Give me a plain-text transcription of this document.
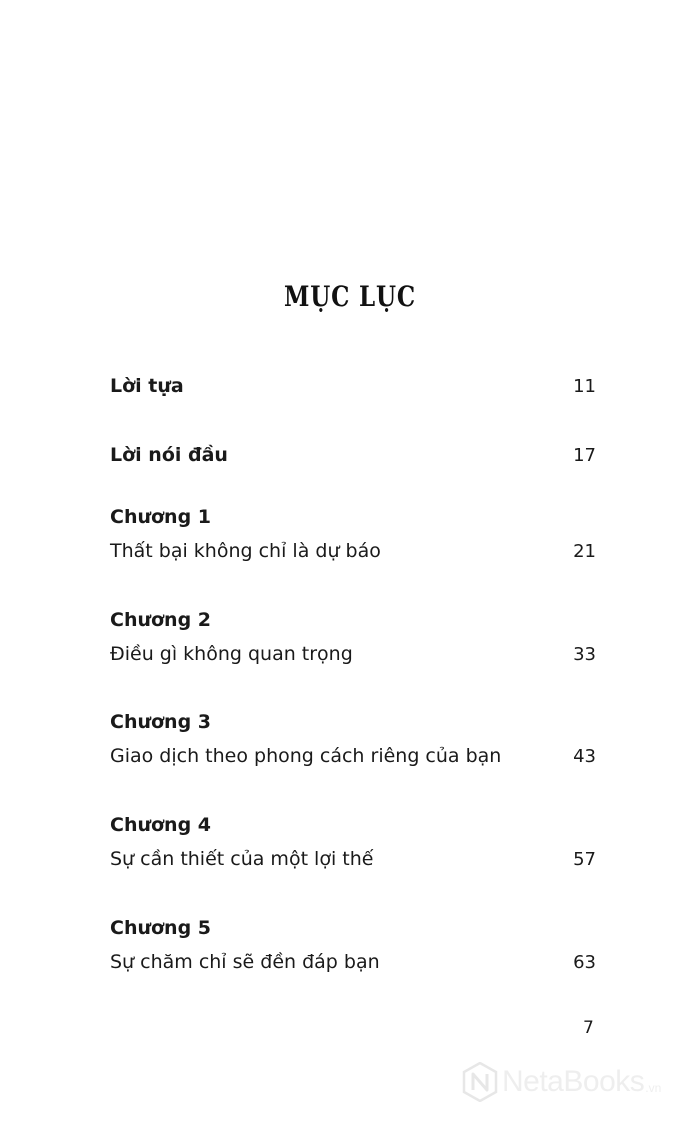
MỤC LỤC
Lời tựa	11
Lời nói đầu	17
Chương 1
Thất bại không chỉ là dự báo	21
Chương 2
Điều gì không quan trọng	33
Chương 3
Giao dịch theo phong cách riêng của bạn	43
Chương 4
Sự cần thiết của một lợi thế	57
Chương 5
Sự chăm chỉ sẽ đền đáp bạn	63
7
NetaBooks .vn
